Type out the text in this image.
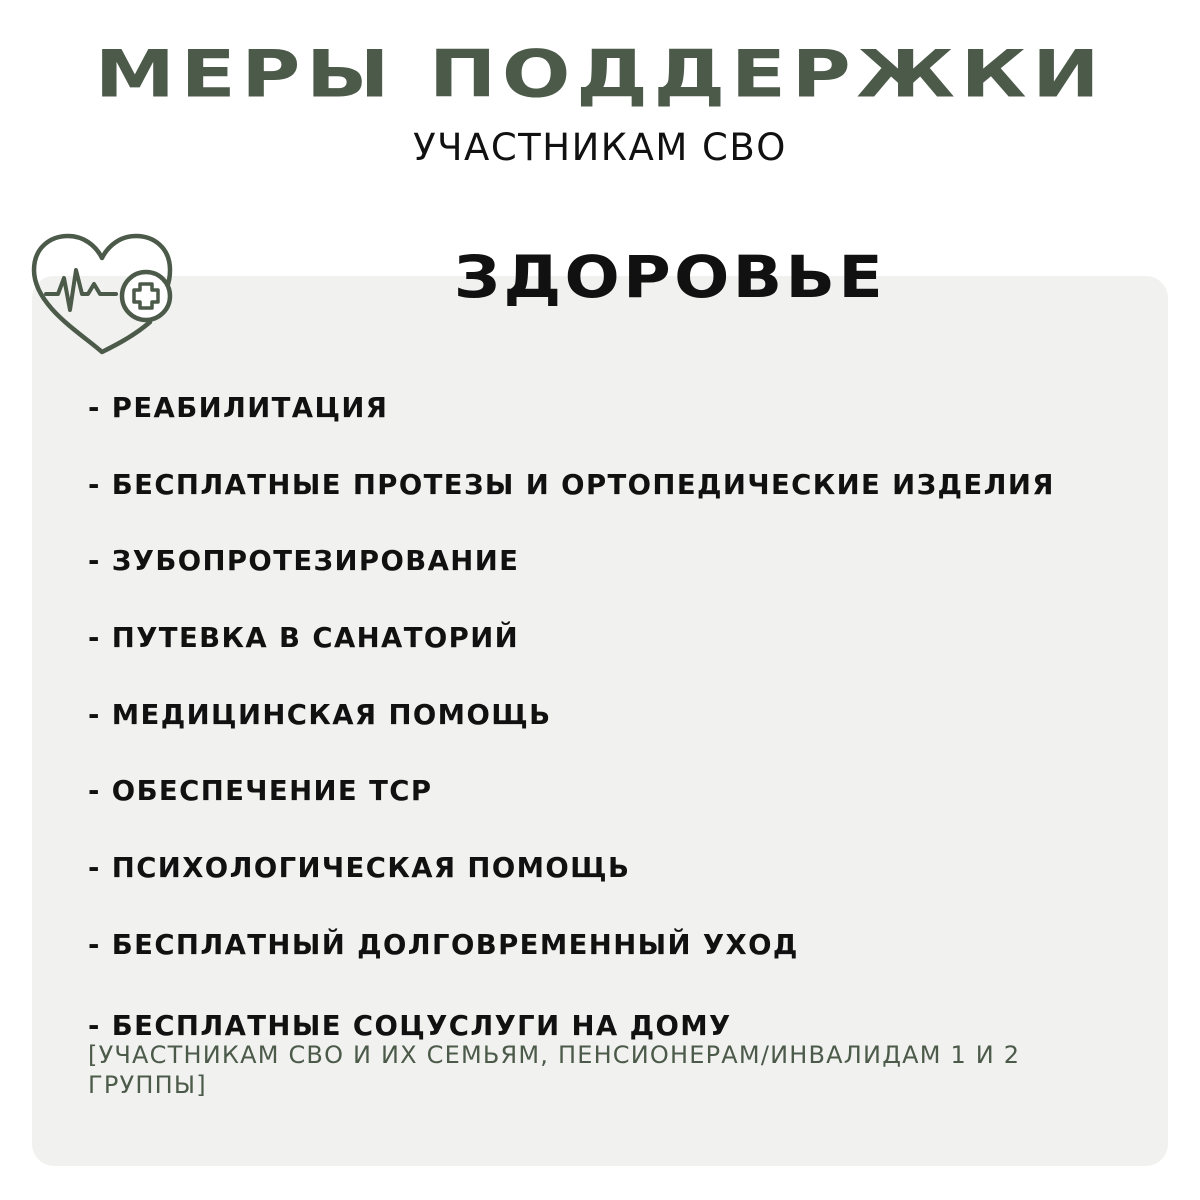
МЕРЫ ПОДДЕРЖКИ
УЧАСТНИКАМ СВО
ЗДОРОВЬЕ
- РЕАБИЛИТАЦИЯ
- БЕСПЛАТНЫЕ ПРОТЕЗЫ И ОРТОПЕДИЧЕСКИЕ ИЗДЕЛИЯ
- ЗУБОПРОТЕЗИРОВАНИЕ
- ПУТЕВКА В САНАТОРИЙ
- МЕДИЦИНСКАЯ ПОМОЩЬ
- ОБЕСПЕЧЕНИЕ ТСР
- ПСИХОЛОГИЧЕСКАЯ ПОМОЩЬ
- БЕСПЛАТНЫЙ ДОЛГОВРЕМЕННЫЙ УХОД
- БЕСПЛАТНЫЕ СОЦУСЛУГИ НА ДОМУ
[УЧАСТНИКАМ СВО И ИХ СЕМЬЯМ, ПЕНСИОНЕРАМ/ИНВАЛИДАМ 1 И 2 ГРУППЫ]
